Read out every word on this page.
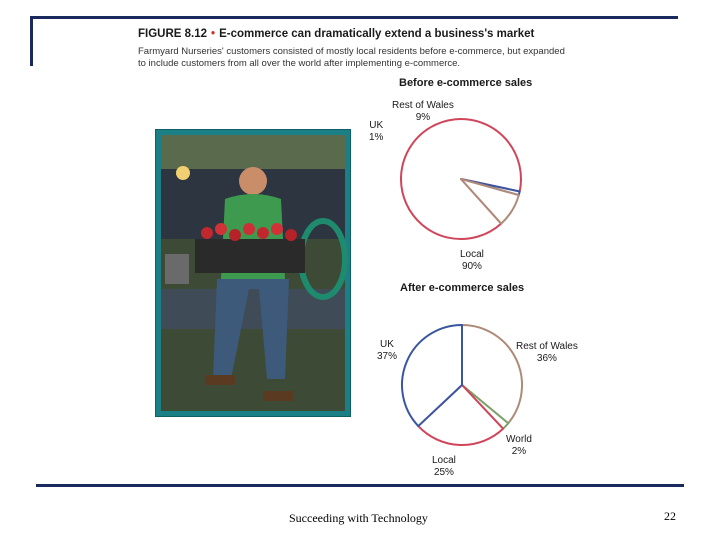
FIGURE 8.12 • E-commerce can dramatically extend a business's market
Farmyard Nurseries' customers consisted of mostly local residents before e-commerce, but expanded to include customers from all over the world after implementing e-commerce.
Before e-commerce sales
Rest of Wales
9%
UK
1%
Local
90%
After e-commerce sales
Rest of Wales
36%
UK
37%
World
2%
Local
25%
Succeeding with Technology	22
